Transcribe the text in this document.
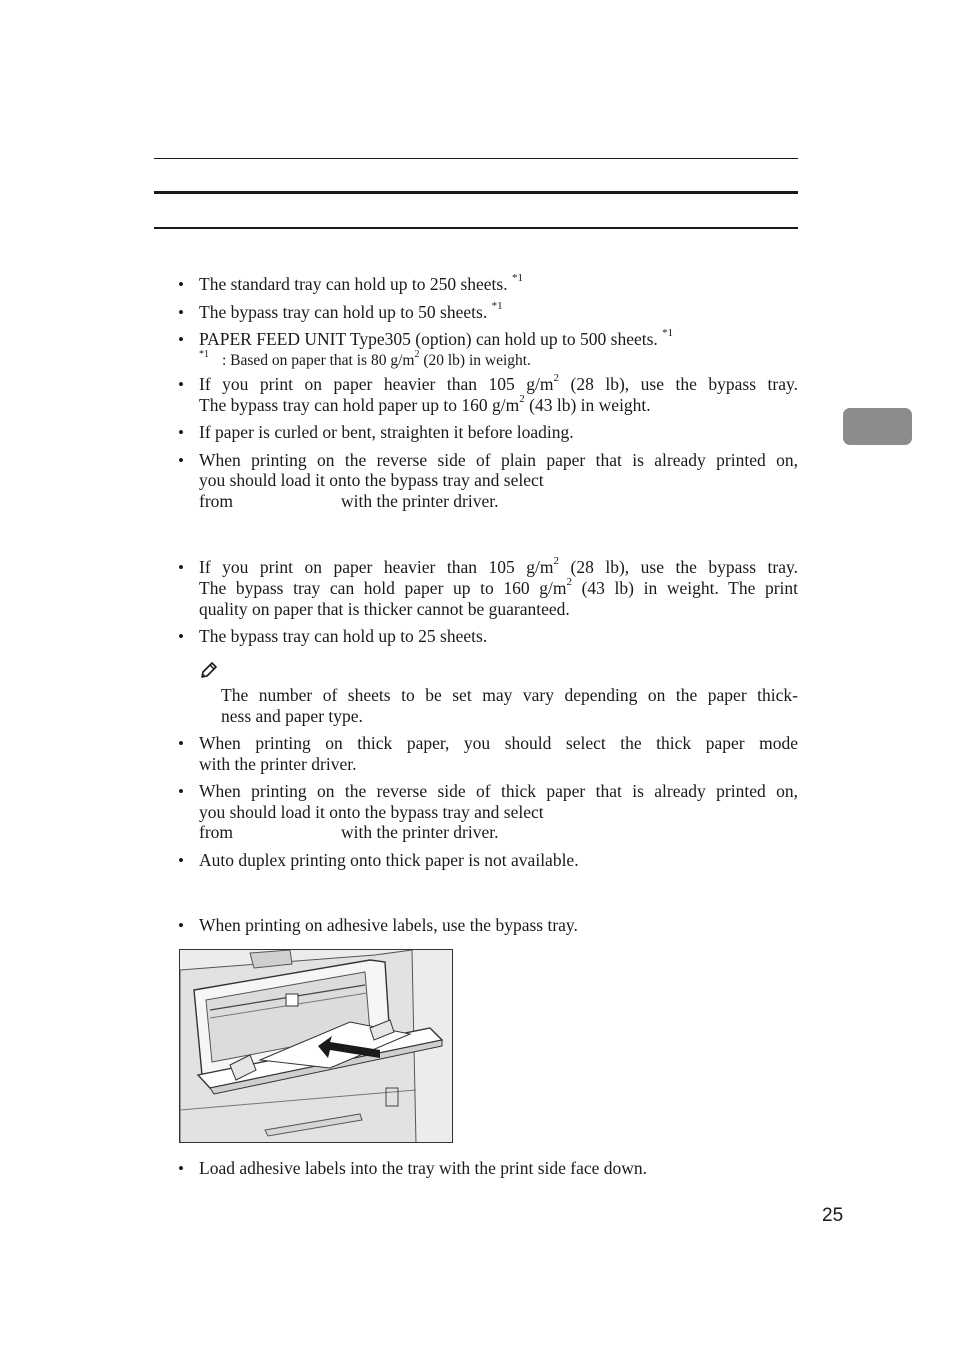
• The standard tray can hold up to 250 sheets. $^{*1}$
• The bypass tray can hold up to 50 sheets. $^{*1}$
• PAPER FEED UNIT Type305 (option) can hold up to 500 sheets. $^{*1}$
$^{*1}$ : Based on paper that is 80 $g/m^2$ (20 lb) in weight.
• If you print on paper heavier than 105 $g/m^2$ (28 lb), use the bypass tray.
The bypass tray can hold paper up to 160 $g/m^2$ (43 lb) in weight.
• If paper is curled or bent, straighten it before loading.
• When printing on the reverse side of plain paper that is already printed on,
you should load it onto the bypass tray and select
from	with the printer driver.
• If you print on paper heavier than 105 $g/m^2$ (28 lb), use the bypass tray.
The bypass tray can hold paper up to 160 $g/m^2$ (43 lb) in weight. The print
quality on paper that is thicker cannot be guaranteed.
• The bypass tray can hold up to 25 sheets.
The number of sheets to be set may vary depending on the paper thick-
ness and paper type.
• When printing on thick paper, you should select the thick paper mode
with the printer driver.
• When printing on the reverse side of thick paper that is already printed on,
you should load it onto the bypass tray and select
from	with the printer driver.
• Auto duplex printing onto thick paper is not available.
• When printing on adhesive labels, use the bypass tray.
• Load adhesive labels into the tray with the print side face down.
25
